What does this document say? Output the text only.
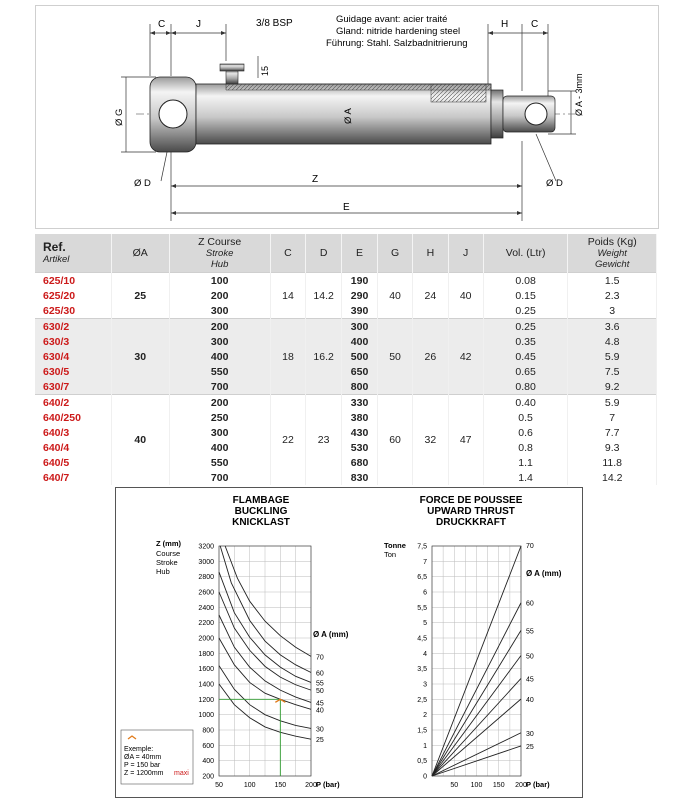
C	J	3/8 BSP	Guidage avant: acier traité
Gland: nitride hardening steel
Führung: Stahl. Salzbadnitrierung
H C
15
Ø A - 3mm
Ø G	Ø A
Ø D	Ø D
Z
E
Ref.
Artikel	ØA	Z Course
Stroke
Hub	C	D	E	G	H	J	Vol. (Ltr)	Poids (Kg)
Weight
Gewicht
625/10	25	100	14	14.2	190	40	24	40	0.08	1.5
625/20		200			290				0.15	2.3
625/30		300			390				0.25	3
630/2	30	200	18	16.2	300	50	26	42	0.25	3.6
630/3		300			400				0.35	4.8
630/4		400			500				0.45	5.9
630/5		550			650				0.65	7.5
630/7		700			800				0.80	9.2
640/2	40	200	22	23	330	60	32	47	0.40	5.9
640/250		250			380				0.5	7
640/3		300			430				0.6	7.7
640/4		400			530				0.8	9.3
640/5		550			680				1.1	11.8
640/7		700			830				1.4	14.2
FLAMBAGE
BUCKLING
KNICKLAST
Z (mm)
Course
Stroke
Hub
200
400
600
800
1000
1200
1400
1600
1800
2000
2200
2400
2600
2800
3000
3200
50	100	150	200 P (bar)
70
60
55
50
45
40
30
25
FORCE DE POUSSEE
UPWARD THRUST
DRUCKKRAFT
Tonne
Ton
0
0,5
1
1,5
2
2,5
3
3,5
4
4,5
5
5,5
6
6,5
7
7,5
50 100 150 200 P (bar)
70
60
55
50
45
40
30
25
Ø A (mm)
Ø A (mm)
Exemple:
ØA = 40mm
P = 150 bar
Z = 1200mm maxi
